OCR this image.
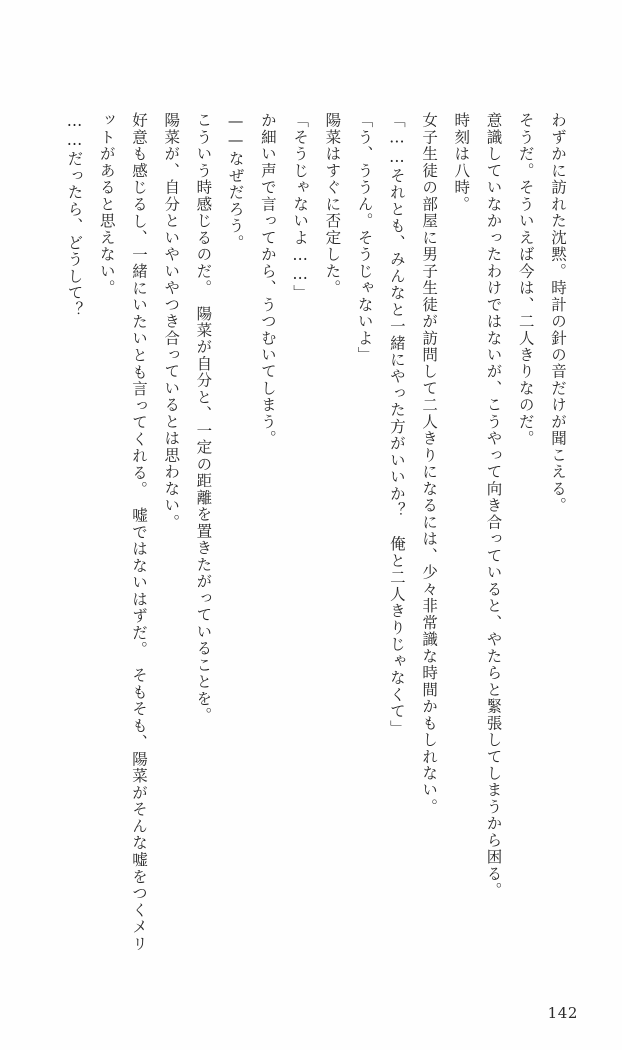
わずかに訪れた沈黙。時計の針の音だけが聞こえる。

そうだ。そういえば今は、二人きりなのだ。

意識していなかったわけではないが、こうやって向き合っていると、やたらと緊張してしまうから困る。

時刻は八時。

女子生徒の部屋に男子生徒が訪問して二人きりになるには、少々非常識な時間かもしれない。

「……それとも、みんなと一緒にやった方がいいか？　俺と二人きりじゃなくて」

「う、ううん。そうじゃないよ」

陽菜はすぐに否定した。

「そうじゃないよ……」

か細い声で言ってから、うつむいてしまう。

——なぜだろう。

こういう時感じるのだ。　陽菜が自分と、一定の距離を置きたがっていることを。

陽菜が、自分といやいやつき合っているとは思わない。

好意も感じるし、一緒にいたいとも言ってくれる。　嘘ではないはずだ。　そもそも、陽菜がそんな嘘をつくメリットがあると思えない。

……だったら、どうして？

142
